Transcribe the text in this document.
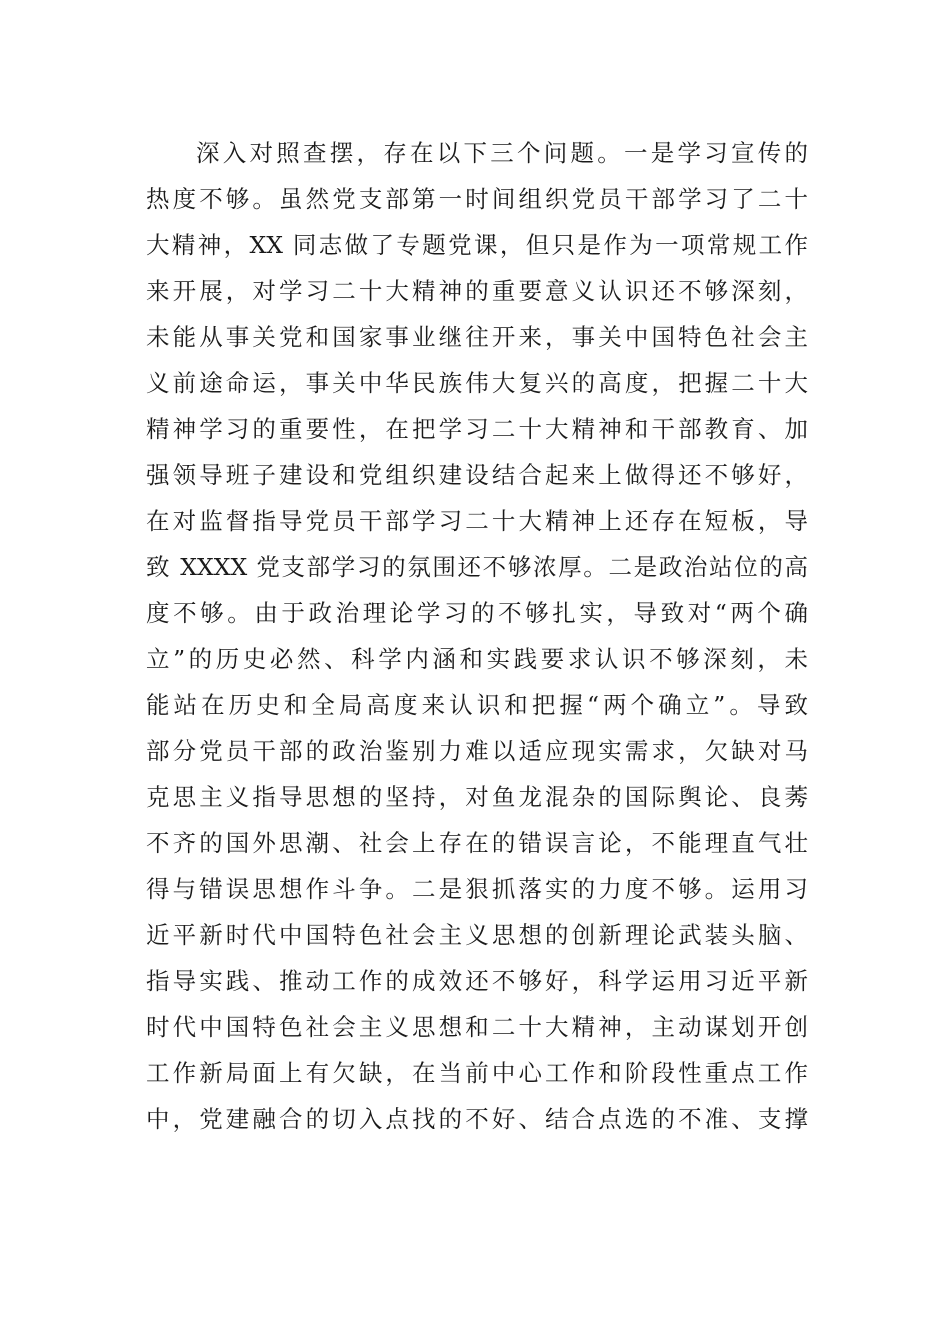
深入对照查摆，存在以下三个问题。一是学习宣传的
热度不够。虽然党支部第一时间组织党员干部学习了二十
大精神，XX 同志做了专题党课，但只是作为一项常规工作
来开展，对学习二十大精神的重要意义认识还不够深刻，
未能从事关党和国家事业继往开来，事关中国特色社会主
义前途命运，事关中华民族伟大复兴的高度，把握二十大
精神学习的重要性，在把学习二十大精神和干部教育、加
强领导班子建设和党组织建设结合起来上做得还不够好，
在对监督指导党员干部学习二十大精神上还存在短板，导
致 XXXX 党支部学习的氛围还不够浓厚。二是政治站位的高
度不够。由于政治理论学习的不够扎实，导致对“两个确
立”的历史必然、科学内涵和实践要求认识不够深刻，未
能站在历史和全局高度来认识和把握“两个确立”。导致
部分党员干部的政治鉴别力难以适应现实需求，欠缺对马
克思主义指导思想的坚持，对鱼龙混杂的国际舆论、良莠
不齐的国外思潮、社会上存在的错误言论，不能理直气壮
得与错误思想作斗争。二是狠抓落实的力度不够。运用习
近平新时代中国特色社会主义思想的创新理论武装头脑、
指导实践、推动工作的成效还不够好，科学运用习近平新
时代中国特色社会主义思想和二十大精神，主动谋划开创
工作新局面上有欠缺，在当前中心工作和阶段性重点工作
中，党建融合的切入点找的不好、结合点选的不准、支撑
